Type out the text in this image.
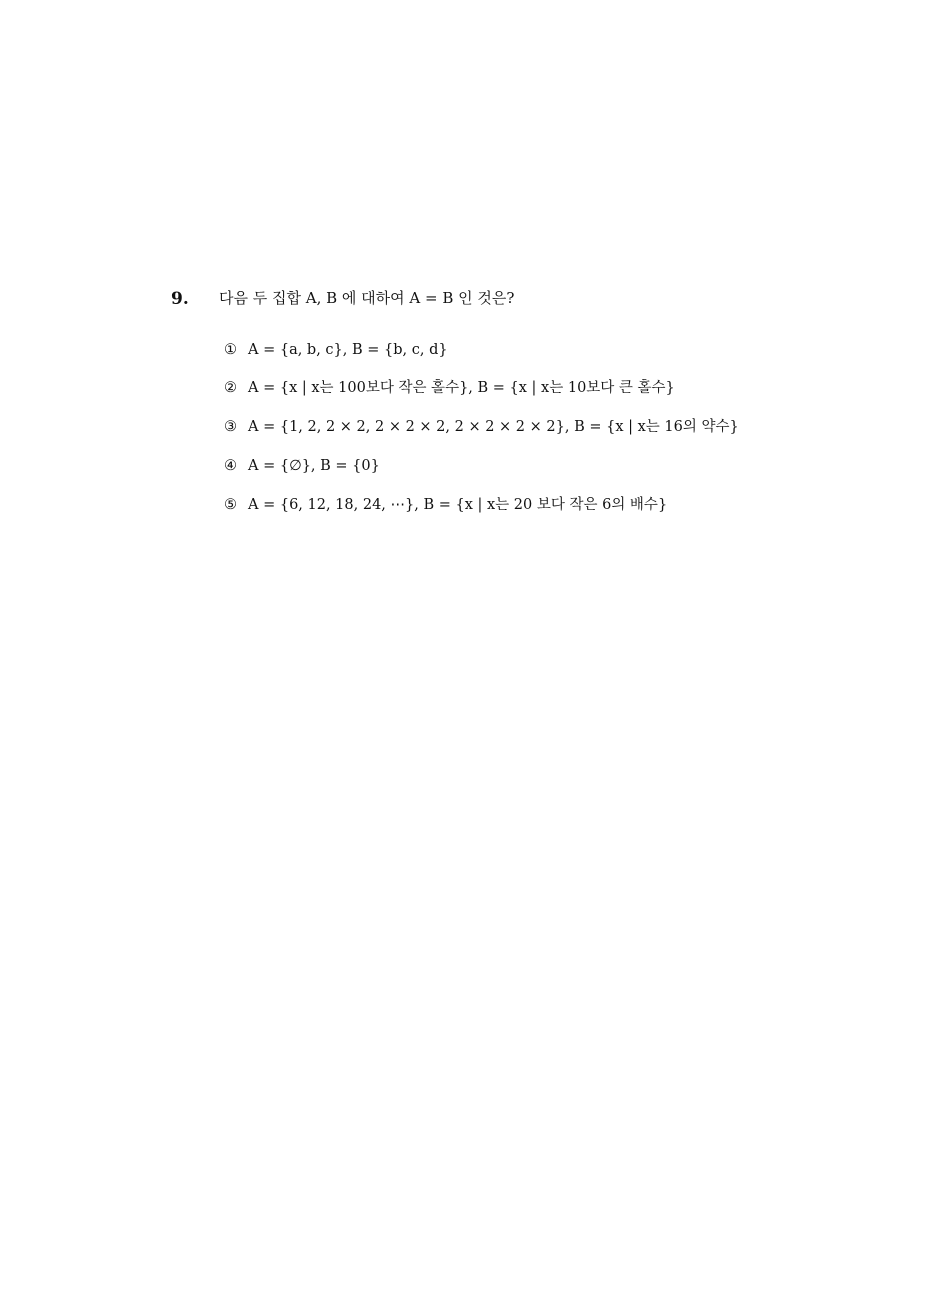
9. 다음 두 집합 A, B 에 대하여 A = B 인 것은?
① A = {a, b, c}, B = {b, c, d}
② A = {x | x는 100보다 작은 홀수}, B = {x | x는 10보다 큰 홀수}
③ A = {1, 2, 2 × 2, 2 × 2 × 2, 2 × 2 × 2 × 2}, B = {x | x는 16의 약수}
④ A = {∅}, B = {0}
⑤ A = {6, 12, 18, 24, ⋯}, B = {x | x는 20 보다 작은 6의 배수}
